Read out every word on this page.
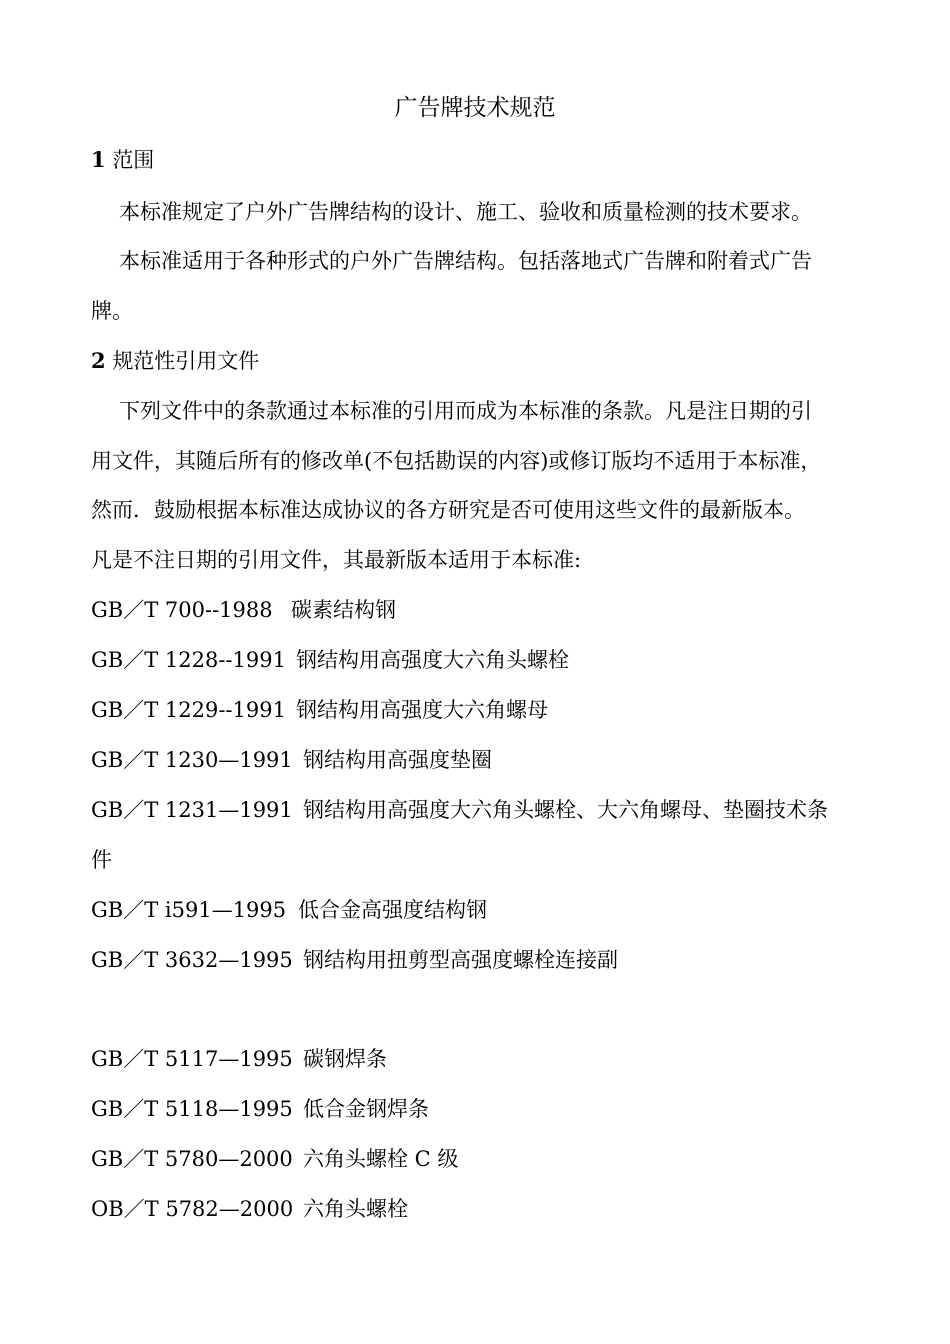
广告牌技术规范
1 范围
本标准规定了户外广告牌结构的设计、施工、验收和质量检测的技术要求。
本标准适用于各种形式的户外广告牌结构。包括落地式广告牌和附着式广告
牌。
2 规范性引用文件
下列文件中的条款通过本标准的引用而成为本标准的条款。凡是注日期的引
用文件，其随后所有的修改单(不包括勘误的内容)或修订版均不适用于本标准，
然而．鼓励根据本标准达成协议的各方研究是否可使用这些文件的最新版本。
凡是不注日期的引用文件，其最新版本适用于本标准:
GB／T 700--1988 碳素结构钢
GB／T 1228--1991 钢结构用高强度大六角头螺栓
GB／T 1229--1991 钢结构用高强度大六角螺母
GB／T 1230—1991 钢结构用高强度垫圈
GB／T 1231—1991 钢结构用高强度大六角头螺栓、大六角螺母、垫圈技术条
件
GB／T i591—1995 低合金高强度结构钢
GB／T 3632—1995 钢结构用扭剪型高强度螺栓连接副
GB／T 5117—1995 碳钢焊条
GB／T 5118—1995 低合金钢焊条
GB／T 5780—2000 六角头螺栓 C 级
OB／T 5782—2000 六角头螺栓
